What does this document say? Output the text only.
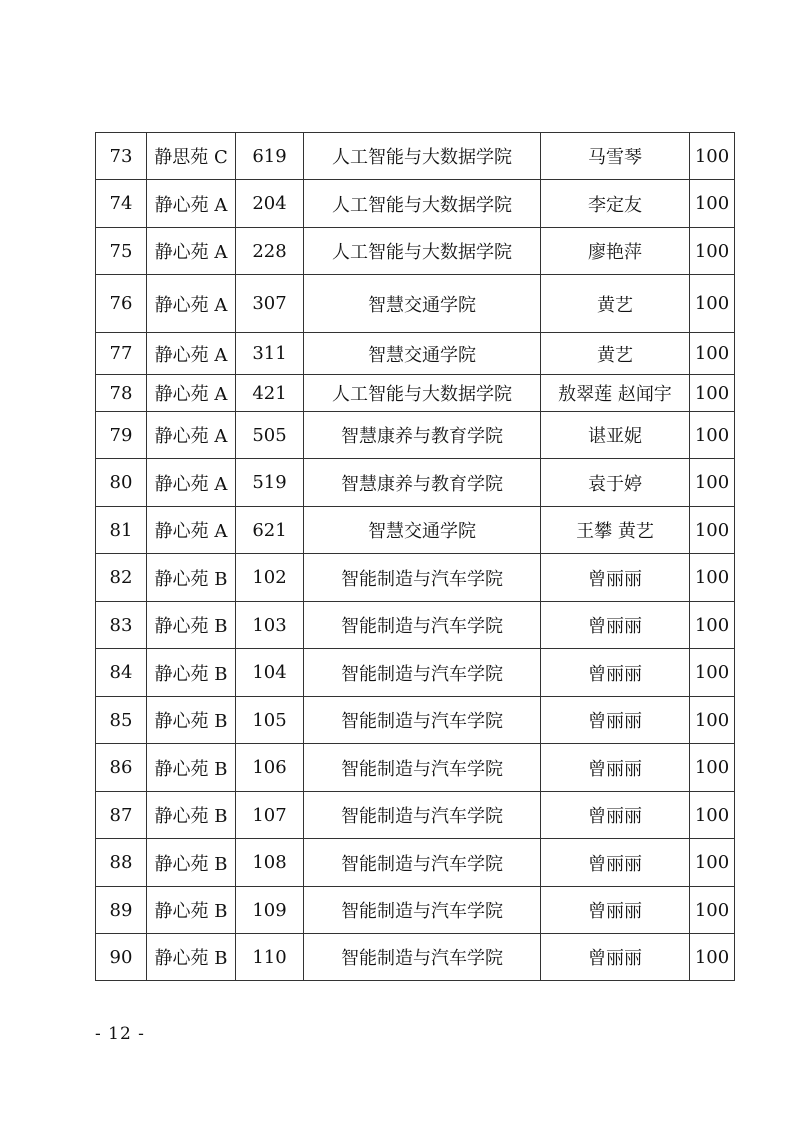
73	静思苑 C	619	人工智能与大数据学院	马雪琴	100
74	静心苑 A	204	人工智能与大数据学院	李定友	100
75	静心苑 A	228	人工智能与大数据学院	廖艳萍	100
76	静心苑 A	307	智慧交通学院	黄艺	100
77	静心苑 A	311	智慧交通学院	黄艺	100
78	静心苑 A	421	人工智能与大数据学院	敖翠莲 赵闻宇	100
79	静心苑 A	505	智慧康养与教育学院	谌亚妮	100
80	静心苑 A	519	智慧康养与教育学院	袁于婷	100
81	静心苑 A	621	智慧交通学院	王攀 黄艺	100
82	静心苑 B	102	智能制造与汽车学院	曾丽丽	100
83	静心苑 B	103	智能制造与汽车学院	曾丽丽	100
84	静心苑 B	104	智能制造与汽车学院	曾丽丽	100
85	静心苑 B	105	智能制造与汽车学院	曾丽丽	100
86	静心苑 B	106	智能制造与汽车学院	曾丽丽	100
87	静心苑 B	107	智能制造与汽车学院	曾丽丽	100
88	静心苑 B	108	智能制造与汽车学院	曾丽丽	100
89	静心苑 B	109	智能制造与汽车学院	曾丽丽	100
90	静心苑 B	110	智能制造与汽车学院	曾丽丽	100
- 12 -
